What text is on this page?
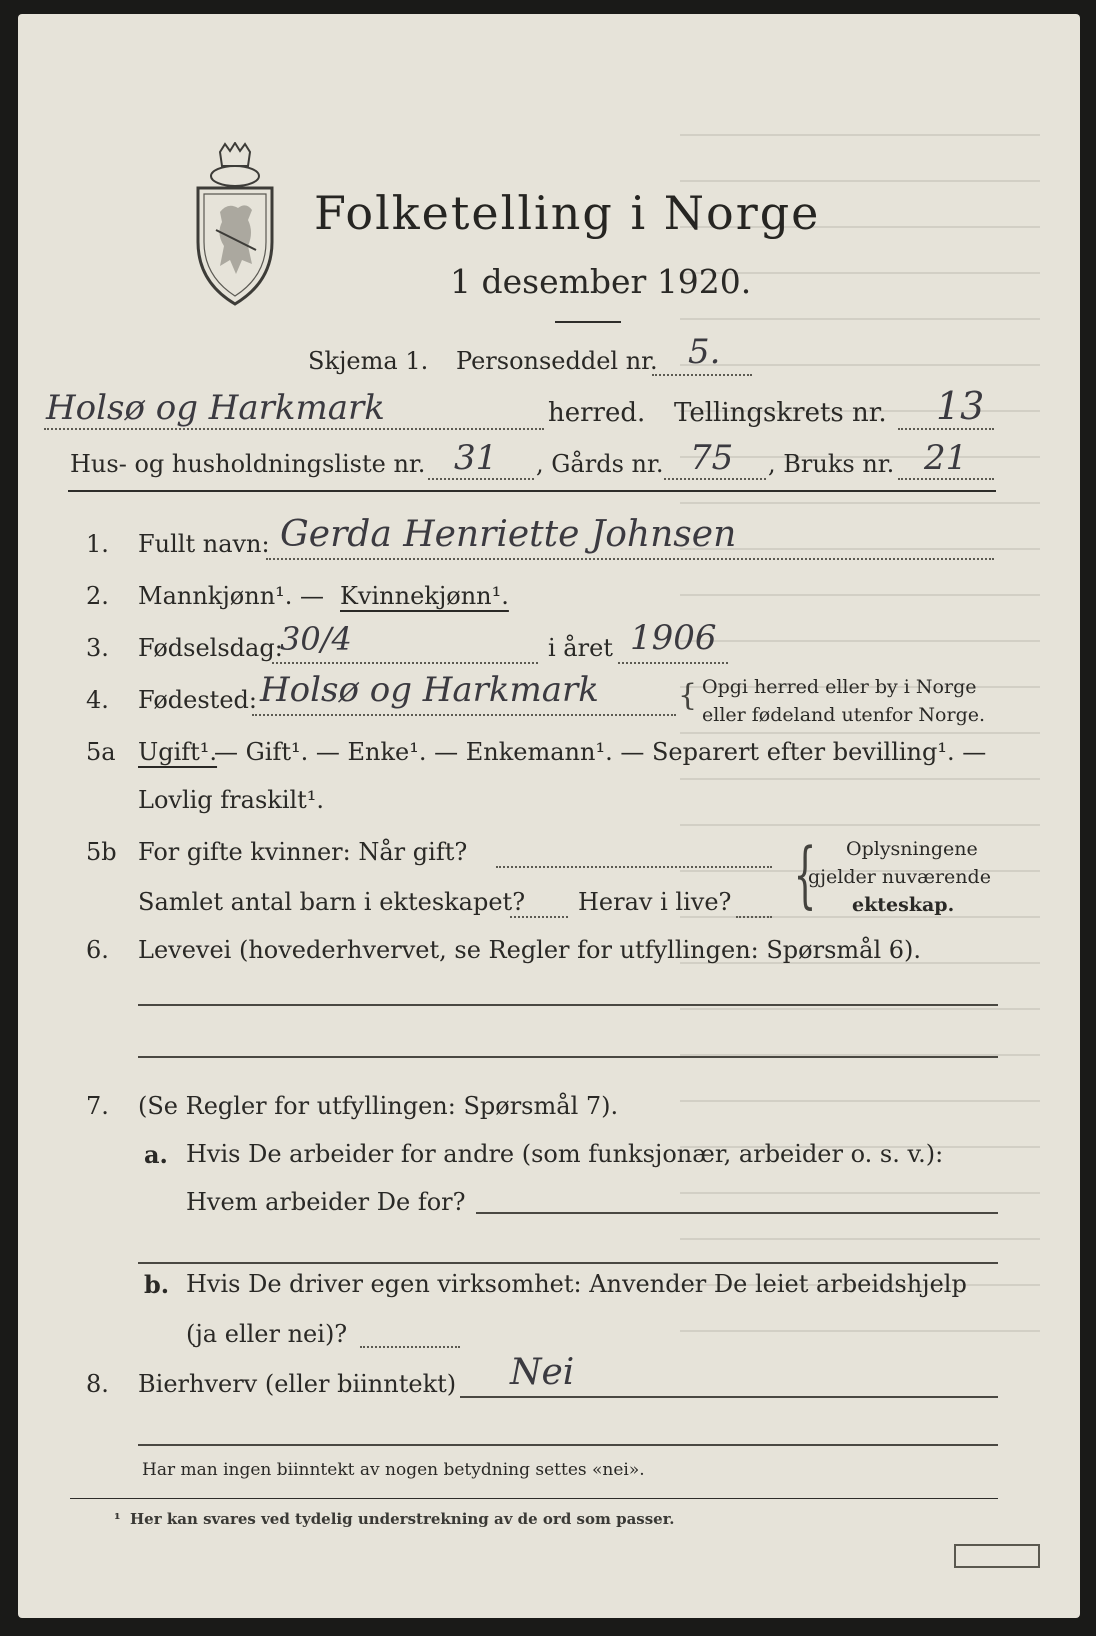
Folketelling i Norge
1 desember 1920.
Skjema 1. Personseddel nr. 5.
Holsø og Harkmark	herred. Tellingskrets nr. 13
Hus- og husholdningsliste nr. 31 , Gårds nr. 75 , Bruks nr. 21
1. Fullt navn: Gerda Henriette Johnsen
2. Mannkjønn¹. — Kvinnekjønn¹.
3. Fødselsdag:
30/4	i året 1906
4. Fødested: Holsø og Harkmark	{ Opgi herred eller by i Norge
eller fødeland utenfor Norge.
5a Ugift¹.
— Gift¹. — Enke¹. — Enkemann¹. — Separert efter bevilling¹. —
Lovlig fraskilt¹.
5b For gifte kvinner: Når gift?
Samlet antal barn i ekteskapet? Herav i live? { Oplysningene
gjelder nuværende
ekteskap.
6. Levevei (hovederhvervet, se Regler for utfyllingen: Spørsmål 6).
7. (Se Regler for utfyllingen: Spørsmål 7).
a. Hvis De arbeider for andre (som funksjonær, arbeider o. s. v.):
Hvem arbeider De for?
b. Hvis De driver egen virksomhet: Anvender De leiet arbeidshjelp
(ja eller nei)?
8. Bierhverv (eller biinntekt) Nei
Har man ingen biinntekt av nogen betydning settes «nei».
¹ Her kan svares ved tydelig understrekning av de ord som passer.
